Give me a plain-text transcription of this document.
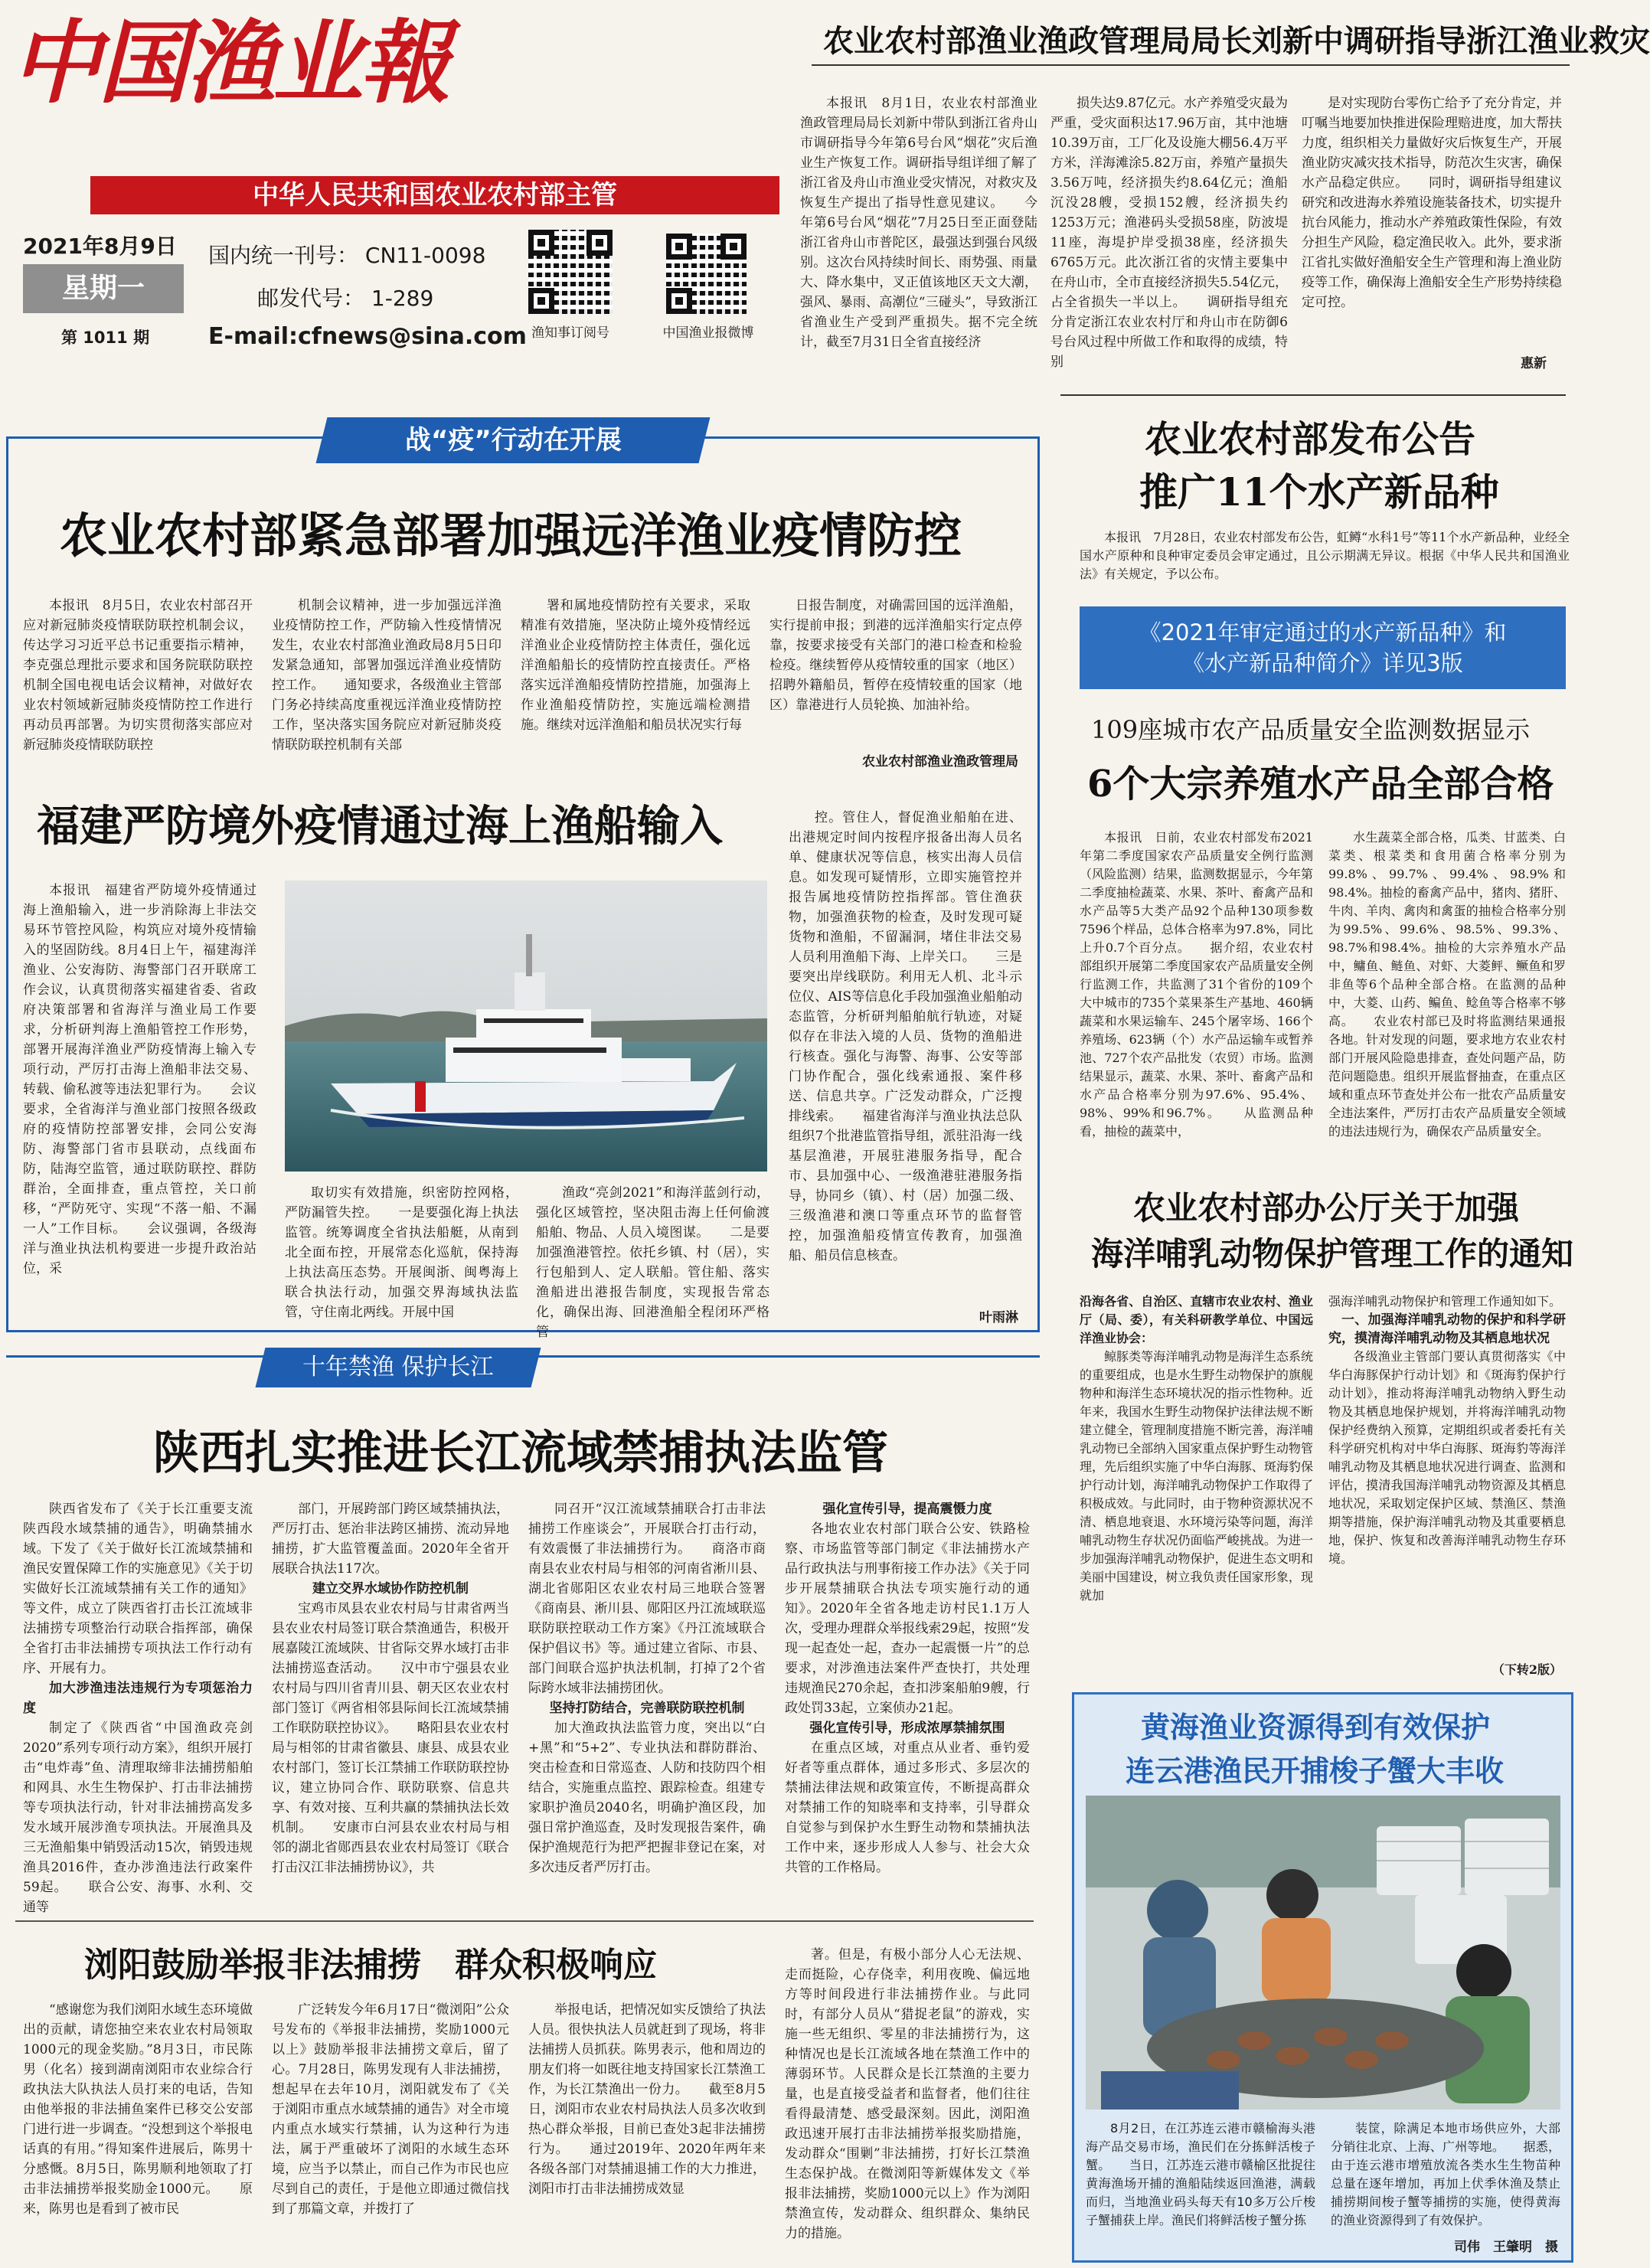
中国渔业報
中华人民共和国农业农村部主管
2021年8月9日
星期一
第 1011 期
国内统一刊号： CN11-0098
邮发代号： 1-289
E-mail:cfnews@sina.com 渔知事订阅号	中国渔业报微博
农业农村部渔业渔政管理局局长刘新中调研指导浙江渔业救灾

本报讯　8月1日，农业农村部渔业渔政管理局局长刘新中带队到浙江省舟山市调研指导今年第6号台风“烟花”灾后渔业生产恢复工作。调研指导组详细了解了浙江省及舟山市渔业受灾情况，对救灾及恢复生产提出了指导性意见建议。　　今年第6号台风“烟花”7月25日至正面登陆浙江省舟山市普陀区，最强达到强台风级别。这次台风持续时间长、雨势强、雨量大、降水集中，叉正值该地区天文大潮，强风、暴雨、高潮位“三碰头”，导致浙江省渔业生产受到严重损失。据不完全统计，截至7月31日全省直接经济

损失达9.87亿元。水产养殖受灾最为严重，受灾面积达17.96万亩，其中池塘10.39万亩，工厂化及设施大棚56.4万平方米，洋海滩涂5.82万亩，养殖产量损失3.56万吨，经济损失约8.64亿元；渔船沉没28艘，受损152艘，经济损失约1253万元；渔港码头受损58座，防波堤11座，海堤护岸受损38座，经济损失6765万元。此次浙江省的灾情主要集中在舟山市，全市直接经济损失5.54亿元，占全省损失一半以上。　　调研指导组充分肯定浙江农业农村厅和舟山市在防御6号台风过程中所做工作和取得的成绩，特别

是对实现防台零伤亡给予了充分肯定，并叮嘱当地要加快推进保险理赔进度，加大帮扶力度，组织相关力量做好灾后恢复生产，开展渔业防灾减灾技术指导，防范次生灾害，确保水产品稳定供应。　　同时，调研指导组建议研究和改进海水养殖设施装备技术，切实提升抗台风能力，推动水产养殖政策性保险，有效分担生产风险，稳定渔民收入。此外，要求浙江省扎实做好渔船安全生产管理和海上渔业防疫等工作，确保海上渔船安全生产形势持续稳定可控。

惠新
战“疫”行动在开展
农业农村部紧急部署加强远洋渔业疫情防控

本报讯　8月5日，农业农村部召开应对新冠肺炎疫情联防联控机制会议，传达学习习近平总书记重要指示精神，李克强总理批示要求和国务院联防联控机制全国电视电话会议精神，对做好农业农村领域新冠肺炎疫情防控工作进行再动员再部署。为切实贯彻落实部应对新冠肺炎疫情联防联控

机制会议精神，进一步加强远洋渔业疫情防控工作，严防输入性疫情情况发生，农业农村部渔业渔政局8月5日印发紧急通知，部署加强远洋渔业疫情防控工作。　　通知要求，各级渔业主管部门务必持续高度重视远洋渔业疫情防控工作，坚决落实国务院应对新冠肺炎疫情联防联控机制有关部

署和属地疫情防控有关要求，采取精准有效措施，坚决防止境外疫情经远洋渔业企业疫情防控主体责任，强化远洋渔船船长的疫情防控直接责任。严格落实远洋渔船疫情防控措施，加强海上作业渔船疫情防控，实施远端检测措施。继续对远洋渔船和船员状况实行每

日报告制度，对确需回国的远洋渔船，实行提前申报；到港的远洋渔船实行定点停靠，按要求接受有关部门的港口检查和检验检疫。继续暂停从疫情较重的国家（地区）招聘外籍船员，暂停在疫情较重的国家（地区）靠港进行人员轮换、加油补给。

农业农村部渔业渔政管理局
福建严防境外疫情通过海上渔船输入

本报讯　福建省严防境外疫情通过海上渔船输入，进一步消除海上非法交易环节管控风险，构筑应对境外疫情输入的坚固防线。8月4日上午，福建海洋渔业、公安海防、海警部门召开联席工作会议，认真贯彻落实福建省委、省政府决策部署和省海洋与渔业局工作要求，分析研判海上渔船管控工作形势，部署开展海洋渔业严防疫情海上输入专项行动，严厉打击海上渔船非法交易、转载、偷私渡等违法犯罪行为。　　会议要求，全省海洋与渔业部门按照各级政府的疫情防控部署安排，会同公安海防、海警部门省市县联动，点线面布防，陆海空监管，通过联防联控、群防群治，全面排查，重点管控，关口前移，“严防死守、实现“不落一船、不漏一人”工作目标。　　会议强调，各级海洋与渔业执法机构要进一步提升政治站位，采

取切实有效措施，织密防控网格，严防漏管失控。　　一是要强化海上执法监管。统筹调度全省执法船艇，从南到北全面布控，开展常态化巡航，保持海上执法高压态势。开展闽浙、闽粤海上联合执法行动，加强交界海域执法监管，守住南北两线。开展中国

渔政“亮剑2021”和海洋蓝剑行动，强化区域管控，坚决阻击海上任何偷渡船舶、物品、人员入境图谋。　　二是要加强渔港管控。依托乡镇、村（居），实行包船到人、定人联船。管住船、落实渔船进出港报告制度，实现报告常态化，确保出海、回港渔船全程闭环严格管

控。管住人，督促渔业船舶在进、出港规定时间内按程序报备出海人员名单、健康状况等信息，核实出海人员信息。如发现可疑情形，立即实施管控并报告属地疫情防控指挥部。管住渔获物，加强渔获物的检查，及时发现可疑货物和渔船，不留漏洞，堵住非法交易人员利用渔船下海、上岸关口。　　三是要突出岸线联防。利用无人机、北斗示位仪、AIS等信息化手段加强渔业船舶动态监管，分析研判船舶航行轨迹，对疑似存在非法入境的人员、货物的渔船进行核查。强化与海警、海事、公安等部门协作配合，强化线索通报、案件移送、信息共享。广泛发动群众，广泛搜排线索。　　福建省海洋与渔业执法总队组织7个批港监管指导组，派驻沿海一线基层渔港，开展驻港服务指导，配合市、县加强中心、一级渔港驻港服务指导，协同乡（镇）、村（居）加强二级、三级渔港和澳口等重点环节的监督管控，加强渔船疫情宣传教育，加强渔船、船员信息核查。

叶雨淋
十年禁渔 保护长江
陕西扎实推进长江流域禁捕执法监管

陕西省发布了《关于长江重要支流陕西段水域禁捕的通告》，明确禁捕水域。下发了《关于做好长江流域禁捕和渔民安置保障工作的实施意见》《关于切实做好长江流域禁捕有关工作的通知》等文件，成立了陕西省打击长江流域非法捕捞专项整治行动联合指挥部，确保全省打击非法捕捞专项执法工作行动有序、开展有力。

加大涉渔违法违规行为专项惩治力度

制定了《陕西省“中国渔政亮剑2020”系列专项行动方案》，组织开展打击“电炸毒”鱼、清理取缔非法捕捞船舶和网具、水生生物保护、打击非法捕捞等专项执法行动，针对非法捕捞高发多发水域开展涉渔专项执法。开展渔具及三无渔船集中销毁活动15次，销毁违规渔具2016件，查办涉渔违法行政案件59起。　　联合公安、海事、水利、交通等

部门，开展跨部门跨区域禁捕执法，严厉打击、惩治非法跨区捕捞、流动异地捕捞，扩大监管覆盖面。2020年全省开展联合执法117次。

建立交界水域协作防控机制

宝鸡市凤县农业农村局与甘肃省两当县农业农村局签订联合禁渔通告，积极开展嘉陵江流域陕、甘省际交界水域打击非法捕捞巡查活动。　　汉中市宁强县农业农村局与四川省青川县、朝天区农业农村部门签订《两省相邻县际间长江流域禁捕工作联防联控协议》。　　略阳县农业农村局与相邻的甘肃省徽县、康县、成县农业农村部门，签订长江禁捕工作联防联控协议，建立协同合作、联防联察、信息共享、有效对接、互利共赢的禁捕执法长效机制。　　安康市白河县农业农村局与相邻的湖北省郧西县农业农村局签订《联合打击汉江非法捕捞协议》，共

同召开“汉江流域禁捕联合打击非法捕捞工作座谈会”，开展联合打击行动，有效震慑了非法捕捞行为。　　商洛市商南县农业农村局与相邻的河南省淅川县、湖北省郧阳区农业农村局三地联合签署《商南县、淅川县、郧阳区丹江流域联巡联防联控联动工作方案》《丹江流域联合保护倡议书》等。通过建立省际、市县、部门间联合巡护执法机制，打掉了2个省际跨水域非法捕捞团伙。

坚持打防结合，完善联防联控机制

加大渔政执法监管力度，突出以“白+黑”和“5+2”、专业执法和群防群治、突击检查和日常巡查、人防和技防四个相结合，实施重点监控、跟踪检查。组建专家职护渔员2040名，明确护渔区段，加强日常护渔巡查，及时发现报告案件，确保护渔规范行为把严把握非登记在案，对多次违反者严厉打击。

强化宣传引导，提高震慑力度

各地农业农村部门联合公安、铁路检察、市场监管等部门制定《非法捕捞水产品行政执法与刑事衔接工作办法》《关于同步开展禁捕联合执法专项实施行动的通知》。2020年全省各地走访村民1.1万人次，受理办理群众举报线索29起，按照“发现一起查处一起，查办一起震慑一片”的总要求，对涉渔违法案件严查快打，共处理违规渔民270余起，查扣涉案船舶9艘，行政处罚33起，立案侦办21起。

强化宣传引导，形成浓厚禁捕氛围

在重点区域，对重点从业者、垂钓爱好者等重点群体，通过多形式、多层次的禁捕法律法规和政策宣传，不断提高群众对禁捕工作的知晓率和支持率，引导群众自觉参与到保护水生野生动物和禁捕执法工作中来，逐步形成人人参与、社会大众共管的工作格局。

浏阳鼓励举报非法捕捞　群众积极响应

“感谢您为我们浏阳水域生态环境做出的贡献，请您抽空来农业农村局领取1000元的现金奖励。”8月3日，市民陈男（化名）接到湖南浏阳市农业综合行政执法大队执法人员打来的电话，告知由他举报的非法捕鱼案件已移交公安部门进行进一步调查。“没想到这个举报电话真的有用。”得知案件进展后，陈男十分感慨。8月5日，陈男顺利地领取了打击非法捕捞举报奖励金1000元。　　原来，陈男也是看到了被市民

广泛转发今年6月17日“微浏阳”公众号发布的《举报非法捕捞，奖励1000元以上》鼓励举报非法捕捞文章后，留了心。7月28日，陈男发现有人非法捕捞，想起早在去年10月，浏阳就发布了《关于浏阳市重点水域禁捕的通告》对全市境内重点水域实行禁捕，认为这种行为违法，属于严重破坏了浏阳的水域生态环境，应当予以禁止，而自己作为市民也应尽到自己的责任，于是他立即通过微信找到了那篇文章，并拨打了

举报电话，把情况如实反馈给了执法人员。很快执法人员就赶到了现场，将非法捕捞人员抓获。陈男表示，他和周边的朋友们将一如既往地支持国家长江禁渔工作，为长江禁渔出一份力。　　截至8月5日，浏阳市农业农村局执法人员多次收到热心群众举报，目前已查处3起非法捕捞行为。　　通过2019年、2020年两年来各级各部门对禁捕退捕工作的大力推进，浏阳市打击非法捕捞成效显

著。但是，有极小部分人心无法规、走而挺险，心存侥幸，利用夜晚、偏远地方等时间段进行非法捕捞作业。与此同时，有部分人员从“猎捉老鼠”的游戏，实施一些无组织、零星的非法捕捞行为，这种情况也是长江流域各地在禁渔工作中的薄弱环节。人民群众是长江禁渔的主要力量，也是直接受益者和监督者，他们往往看得最清楚、感受最深刻。因此，浏阳渔政迅速开展打击非法捕捞举报奖励措施，发动群众“围剿”非法捕捞，打好长江禁渔生态保护战。在微浏阳等新媒体发文《举报非法捕捞，奖励1000元以上》作为浏阳禁渔宣传，发动群众、组织群众、集纳民力的措施。

农业农村部发布公告
推广11个水产新品种

本报讯　7月28日，农业农村部发布公告，虹鳟“水科1号”等11个水产新品种，业经全国水产原种和良种审定委员会审定通过，且公示期满无异议。根据《中华人民共和国渔业法》有关规定，予以公布。

《2021年审定通过的水产新品种》和
《水产新品种简介》详见3版
109座城市农产品质量安全监测数据显示
6个大宗养殖水产品全部合格

本报讯　日前，农业农村部发布2021年第二季度国家农产品质量安全例行监测（风险监测）结果，监测数据显示，今年第二季度抽检蔬菜、水果、茶叶、畜禽产品和水产品等5大类产品92个品种130项参数7596个样品，总体合格率为97.8%，同比上升0.7个百分点。　　据介绍，农业农村部组织开展第二季度国家农产品质量安全例行监测工作，共监测了31个省份的109个大中城市的735个菜果茶生产基地、460辆蔬菜和水果运输车、245个屠宰场、166个养殖场、623辆（个）水产品运输车或暂养池、727个农产品批发（农贸）市场。监测结果显示，蔬菜、水果、茶叶、畜禽产品和水产品合格率分别为97.6%、95.4%、98%、99%和96.7%。　　从监测品种看，抽检的蔬菜中，

水生蔬菜全部合格，瓜类、甘蓝类、白菜类、根菜类和食用菌合格率分别为99.8%、99.7%、99.4%、98.9%和98.4%。抽检的畜禽产品中，猪肉、猪肝、牛肉、羊肉、禽肉和禽蛋的抽检合格率分别为99.5%、99.6%、98.5%、99.3%、98.7%和98.4%。抽检的大宗养殖水产品中，鳙鱼、鲢鱼、对虾、大菱鲆、鳜鱼和罗非鱼等6个品种全部合格。在监测的品种中，大菱、山药、鳊鱼、鲶鱼等合格率不够高。　　农业农村部已及时将监测结果通报各地。针对发现的问题，要求地方农业农村部门开展风险隐患排查，查处问题产品，防范问题隐患。组织开展监督抽查，在重点区域和重点环节查处并公布一批农产品质量安全违法案件，严厉打击农产品质量安全领域的违法违规行为，确保农产品质量安全。

农业农村部办公厅关于加强
海洋哺乳动物保护管理工作的通知
沿海各省、自治区、直辖市农业农村、渔业厅（局、委），有关科研教学单位、中国远洋渔业协会：

鲸豚类等海洋哺乳动物是海洋生态系统的重要组成，也是水生野生动物保护的旗舰物种和海洋生态环境状况的指示性物种。近年来，我国水生野生动物保护法律法规不断建立健全，管理制度措施不断完善，海洋哺乳动物已全部纳入国家重点保护野生动物管理，先后组织实施了中华白海豚、斑海豹保护行动计划，海洋哺乳动物保护工作取得了积极成效。与此同时，由于物种资源状况不清、栖息地衰退、水环境污染等问题，海洋哺乳动物生存状况仍面临严峻挑战。为进一步加强海洋哺乳动物保护，促进生态文明和美丽中国建设，树立我负责任国家形象，现就加

强海洋哺乳动物保护和管理工作通知如下。
一、加强海洋哺乳动物的保护和科学研究，摸清海洋哺乳动物及其栖息地状况

各级渔业主管部门要认真贯彻落实《中华白海豚保护行动计划》和《斑海豹保护行动计划》，推动将海洋哺乳动物纳入野生动物及其栖息地保护规划，并将海洋哺乳动物保护经费纳入预算，定期组织或者委托有关科学研究机构对中华白海豚、斑海豹等海洋哺乳动物及其栖息地状况进行调查、监测和评估，摸清我国海洋哺乳动物资源及其栖息地状况，采取划定保护区域、禁渔区、禁渔期等措施，保护海洋哺乳动物及其重要栖息地，保护、恢复和改善海洋哺乳动物生存环境。

（下转2版）
黄海渔业资源得到有效保护
连云港渔民开捕梭子蟹大丰收

8月2日，在江苏连云港市赣榆海头港海产品交易市场，渔民们在分拣鲜活梭子蟹。　　当日，江苏连云港市赣榆区批捉往黄海渔场开捕的渔船陆续返回渔港，满载而归，当地渔业码头每天有10多万公斤梭子蟹捕获上岸。渔民们将鲜活梭子蟹分拣

装筐，除满足本地市场供应外，大部分销往北京、上海、广州等地。　　据悉，由于连云港市增殖放流各类水生生物苗种总量在逐年增加，再加上伏季休渔及禁止捕捞期间梭子蟹等捕捞的实施，使得黄海的渔业资源得到了有效保护。

司伟　王肇明　摄
